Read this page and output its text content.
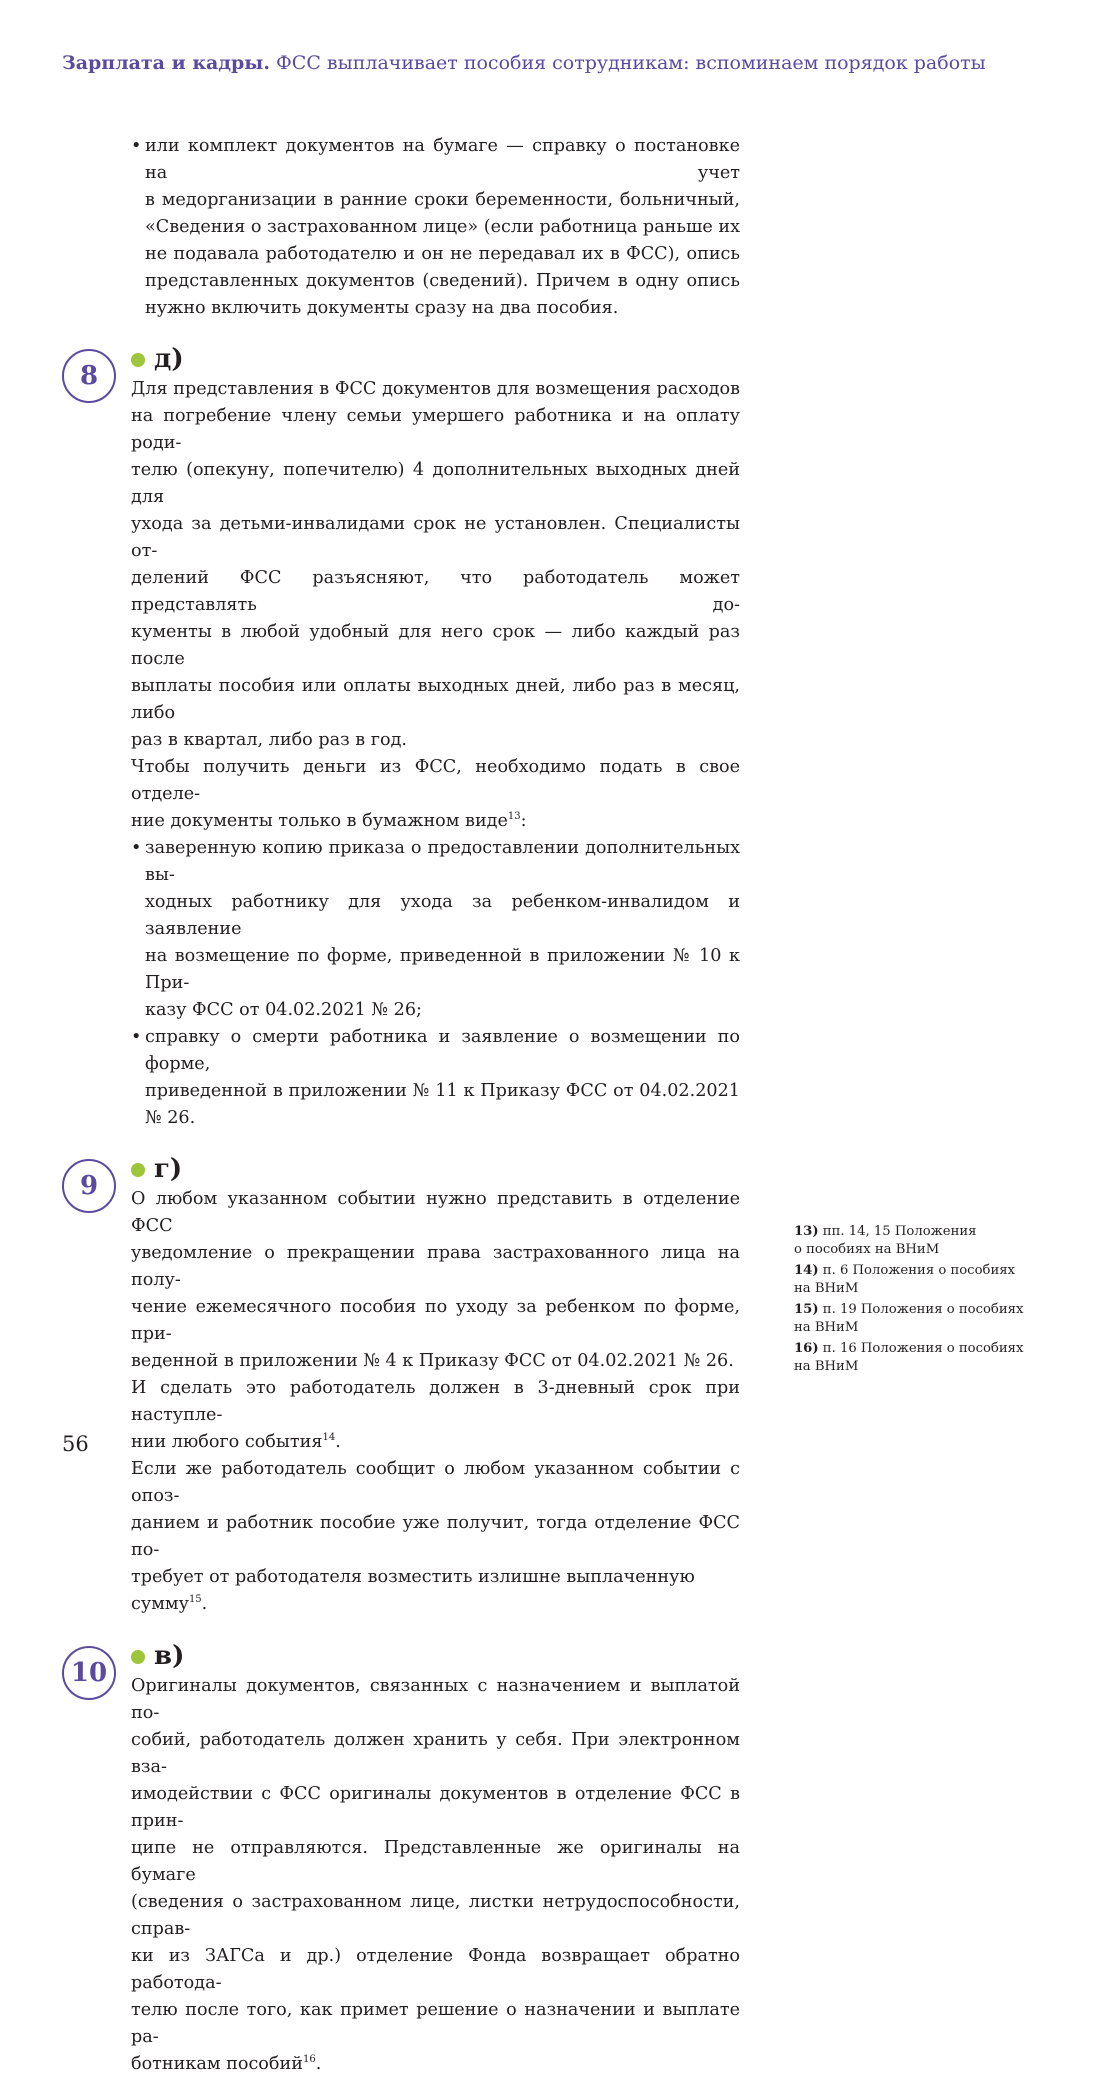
Зарплата и кадры. ФСС выплачивает пособия сотрудникам: вспоминаем порядок работы

• или комплект документов на бумаге — справку о постановке на учет

в медорганизации в ранние сроки беременности, больничный,

«Сведения о застрахованном лице» (если работница раньше их

не подавала работодателю и он не передавал их в ФСС), опись

представленных документов (сведений). Причем в одну опись

нужно включить документы сразу на два пособия.

8
д)

Для представления в ФСС документов для возмещения расходов

на погребение члену семьи умершего работника и на оплату роди-

телю (опекуну, попечителю) 4 дополнительных выходных дней для

ухода за детьми-инвалидами срок не установлен. Специалисты от-

делений ФСС разъясняют, что работодатель может представлять до-

кументы в любой удобный для него срок — либо каждый раз после

выплаты пособия или оплаты выходных дней, либо раз в месяц, либо

раз в квартал, либо раз в год.

Чтобы получить деньги из ФСС, необходимо подать в свое отделе-

ние документы только в бумажном виде$^{13}$:

• заверенную копию приказа о предоставлении дополнительных вы-

ходных работнику для ухода за ребенком-инвалидом и заявление

на возмещение по форме, приведенной в приложении № 10 к При-

казу ФСС от 04.02.2021 № 26;

• справку о смерти работника и заявление о возмещении по форме,

приведенной в приложении № 11 к Приказу ФСС от 04.02.2021

№ 26.

9
г)

О любом указанном событии нужно представить в отделение ФСС

уведомление о прекращении права застрахованного лица на полу-

чение ежемесячного пособия по уходу за ребенком по форме, при-

веденной в приложении № 4 к Приказу ФСС от 04.02.2021 № 26.

И сделать это работодатель должен в 3-дневный срок при наступле-

нии любого события$^{14}$.

Если же работодатель сообщит о любом указанном событии с опоз-

данием и работник пособие уже получит, тогда отделение ФСС по-

требует от работодателя возместить излишне выплаченную сумму$^{15}$.

10
в)

Оригиналы документов, связанных с назначением и выплатой по-

собий, работодатель должен хранить у себя. При электронном вза-

имодействии с ФСС оригиналы документов в отделение ФСС в прин-

ципе не отправляются. Представленные же оригиналы на бумаге

(сведения о застрахованном лице, листки нетрудоспособности, справ-

ки из ЗАГСа и др.) отделение Фонда возвращает обратно работода-

телю после того, как примет решение о назначении и выплате ра-

ботникам пособий$^{16}$.

13) пп. 14, 15 Положения
о пособиях на ВНиМ
14) п. 6 Положения о пособиях
на ВНиМ
15) п. 19 Положения о пособиях
на ВНиМ
16) п. 16 Положения о пособиях
на ВНиМ
56
